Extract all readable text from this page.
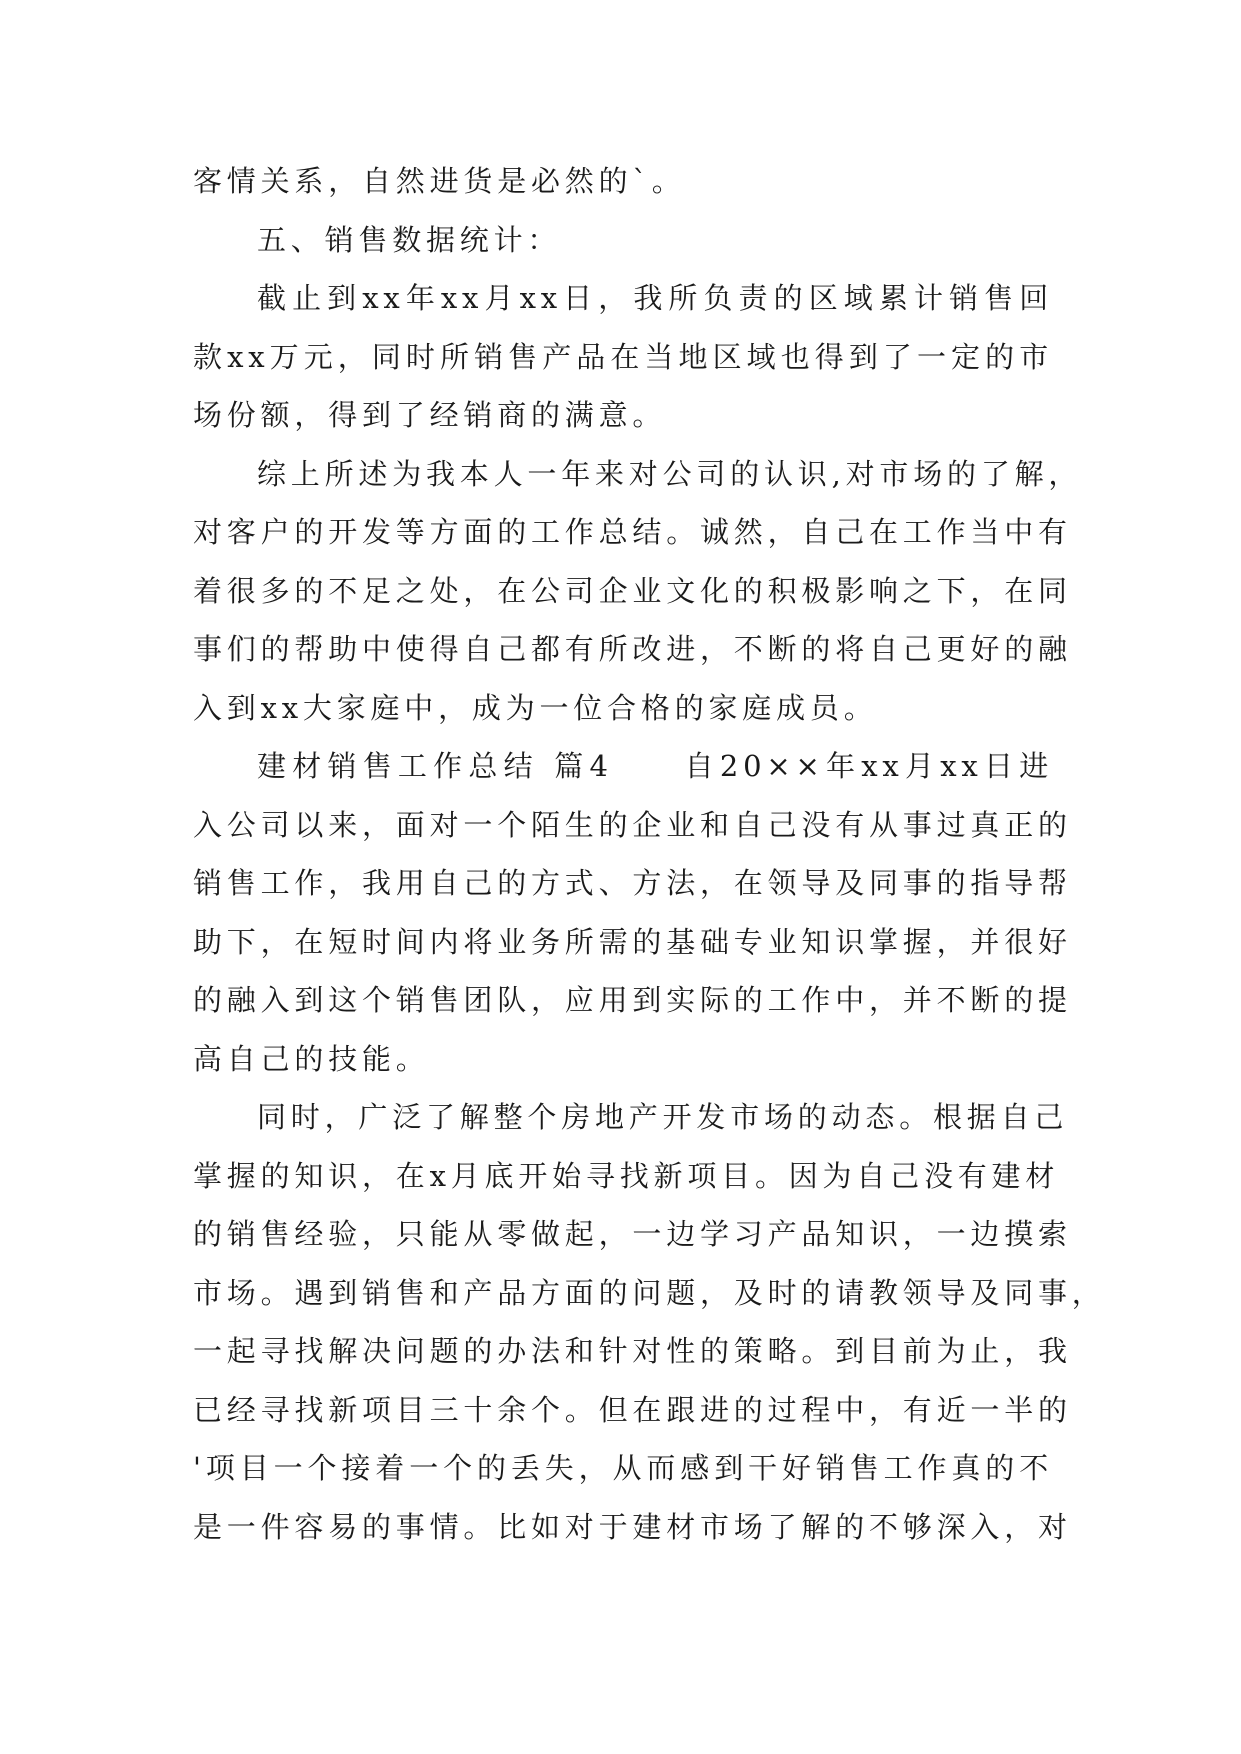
客情关系，自然进货是必然的`。
五、销售数据统计：
截止到xx年xx月xx日，我所负责的区域累计销售回
款xx万元，同时所销售产品在当地区域也得到了一定的市
场份额，得到了经销商的满意。
综上所述为我本人一年来对公司的认识,对市场的了解，
对客户的开发等方面的工作总结。诚然，自己在工作当中有
着很多的不足之处，在公司企业文化的积极影响之下，在同
事们的帮助中使得自己都有所改进，不断的将自己更好的融
入到xx大家庭中，成为一位合格的家庭成员。
建材销售工作总结 篇4　　自20××年xx月xx日进
入公司以来，面对一个陌生的企业和自己没有从事过真正的
销售工作，我用自己的方式、方法，在领导及同事的指导帮
助下，在短时间内将业务所需的基础专业知识掌握，并很好
的融入到这个销售团队，应用到实际的工作中，并不断的提
高自己的技能。
同时，广泛了解整个房地产开发市场的动态。根据自己
掌握的知识，在x月底开始寻找新项目。因为自己没有建材
的销售经验，只能从零做起，一边学习产品知识，一边摸索
市场。遇到销售和产品方面的问题，及时的请教领导及同事，
一起寻找解决问题的办法和针对性的策略。到目前为止，我
已经寻找新项目三十余个。但在跟进的过程中，有近一半的
'项目一个接着一个的丢失，从而感到干好销售工作真的不
是一件容易的事情。比如对于建材市场了解的不够深入，对
